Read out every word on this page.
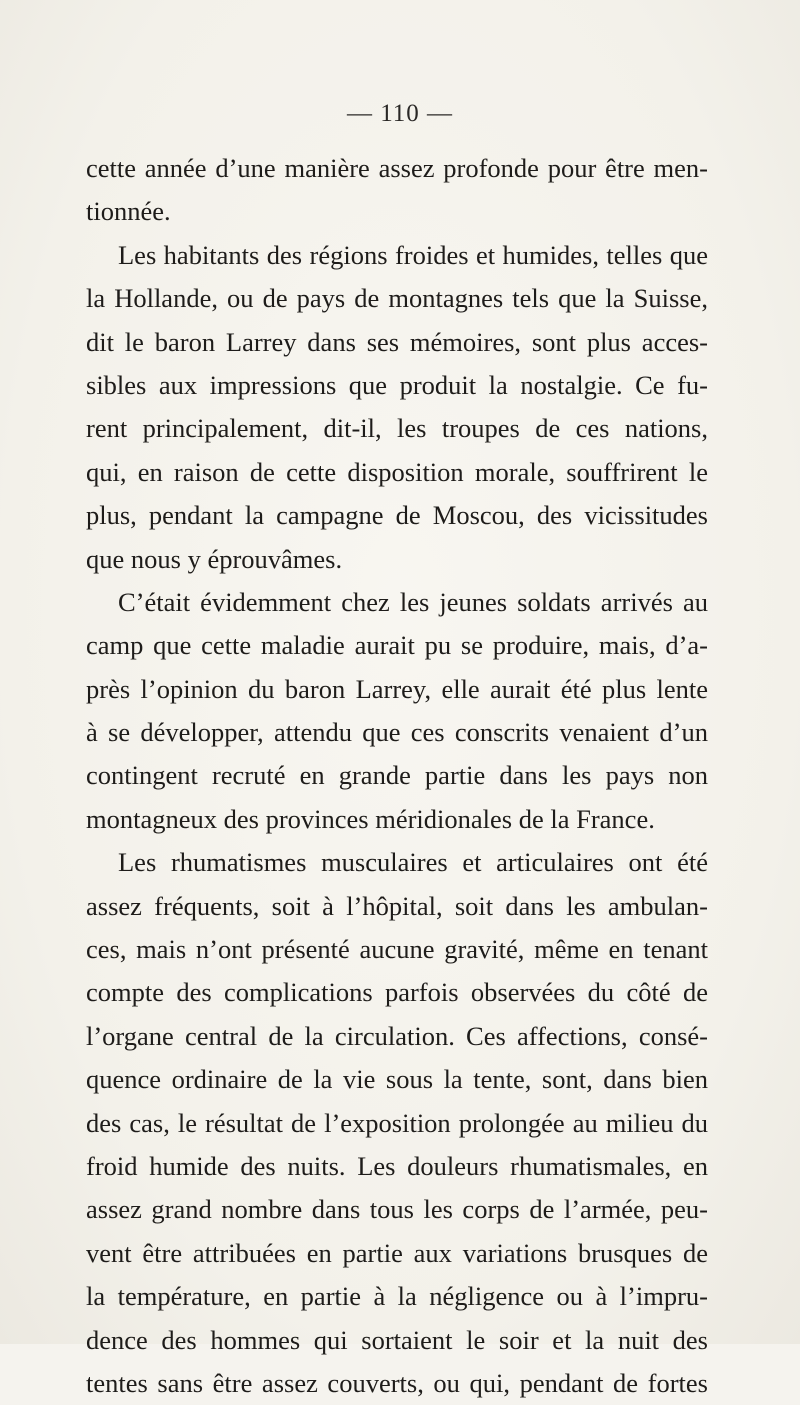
— 110 —
cette année d’une manière assez profonde pour être men-
tionnée.
Les habitants des régions froides et humides, telles que
la Hollande, ou de pays de montagnes tels que la Suisse,
dit le baron Larrey dans ses mémoires, sont plus acces-
sibles aux impressions que produit la nostalgie. Ce fu-
rent principalement, dit-il, les troupes de ces nations,
qui, en raison de cette disposition morale, souffrirent le
plus, pendant la campagne de Moscou, des vicissitudes
que nous y éprouvâmes.
C’était évidemment chez les jeunes soldats arrivés au
camp que cette maladie aurait pu se produire, mais, d’a-
près l’opinion du baron Larrey, elle aurait été plus lente
à se développer, attendu que ces conscrits venaient d’un
contingent recruté en grande partie dans les pays non
montagneux des provinces méridionales de la France.
Les rhumatismes musculaires et articulaires ont été
assez fréquents, soit à l’hôpital, soit dans les ambulan-
ces, mais n’ont présenté aucune gravité, même en tenant
compte des complications parfois observées du côté de
l’organe central de la circulation. Ces affections, consé-
quence ordinaire de la vie sous la tente, sont, dans bien
des cas, le résultat de l’exposition prolongée au milieu du
froid humide des nuits. Les douleurs rhumatismales, en
assez grand nombre dans tous les corps de l’armée, peu-
vent être attribuées en partie aux variations brusques de
la température, en partie à la négligence ou à l’impru-
dence des hommes qui sortaient le soir et la nuit des
tentes sans être assez couverts, ou qui, pendant de fortes
